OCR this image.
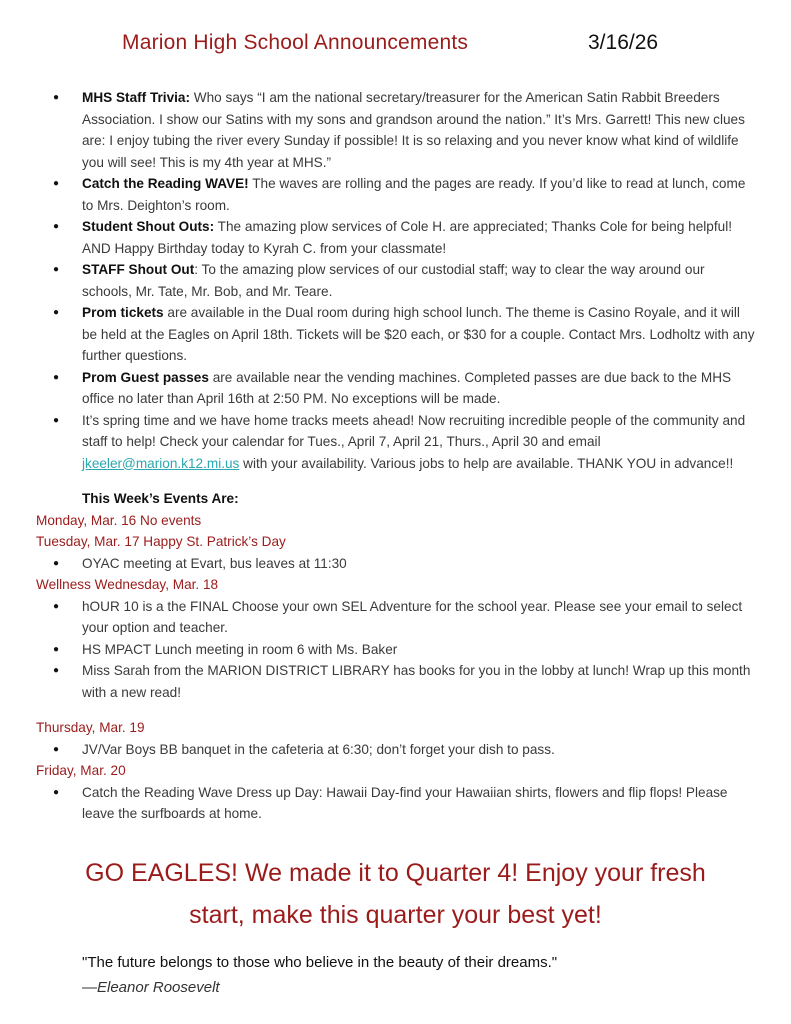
Marion High School Announcements	3/16/26
● MHS Staff Trivia: Who says “I am the national secretary/treasurer for the American Satin Rabbit Breeders Association. I show our Satins with my sons and grandson around the nation.” It’s Mrs. Garrett! This new clues are: I enjoy tubing the river every Sunday if possible! It is so relaxing and you never know what kind of wildlife you will see! This is my 4th year at MHS.”
● Catch the Reading WAVE! The waves are rolling and the pages are ready. If you’d like to read at lunch, come to Mrs. Deighton’s room.
● Student Shout Outs: The amazing plow services of Cole H. are appreciated; Thanks Cole for being helpful! AND Happy Birthday today to Kyrah C. from your classmate!
● STAFF Shout Out: To the amazing plow services of our custodial staff; way to clear the way around our schools, Mr. Tate, Mr. Bob, and Mr. Teare.
● Prom tickets are available in the Dual room during high school lunch. The theme is Casino Royale, and it will be held at the Eagles on April 18th. Tickets will be $20 each, or $30 for a couple. Contact Mrs. Lodholtz with any further questions.
● Prom Guest passes are available near the vending machines. Completed passes are due back to the MHS office no later than April 16th at 2:50 PM. No exceptions will be made.
● It’s spring time and we have home tracks meets ahead! Now recruiting incredible people of the community and staff to help! Check your calendar for Tues., April 7, April 21, Thurs., April 30 and email jkeeler@marion.k12.mi.us with your availability. Various jobs to help are available. THANK YOU in advance!!
This Week’s Events Are:
Monday, Mar. 16 No events
Tuesday, Mar. 17 Happy St. Patrick’s Day
● OYAC meeting at Evart, bus leaves at 11:30
Wellness Wednesday, Mar. 18
● hOUR 10 is a the FINAL Choose your own SEL Adventure for the school year. Please see your email to select your option and teacher.
● HS MPACT Lunch meeting in room 6 with Ms. Baker
● Miss Sarah from the MARION DISTRICT LIBRARY has books for you in the lobby at lunch! Wrap up this month with a new read!
Thursday, Mar. 19
● JV/Var Boys BB banquet in the cafeteria at 6:30; don’t forget your dish to pass.
Friday, Mar. 20
● Catch the Reading Wave Dress up Day: Hawaii Day-find your Hawaiian shirts, flowers and flip flops! Please leave the surfboards at home.
GO EAGLES! We made it to Quarter 4! Enjoy your fresh
start, make this quarter your best yet!
"The future belongs to those who believe in the beauty of their dreams."
—Eleanor Roosevelt
